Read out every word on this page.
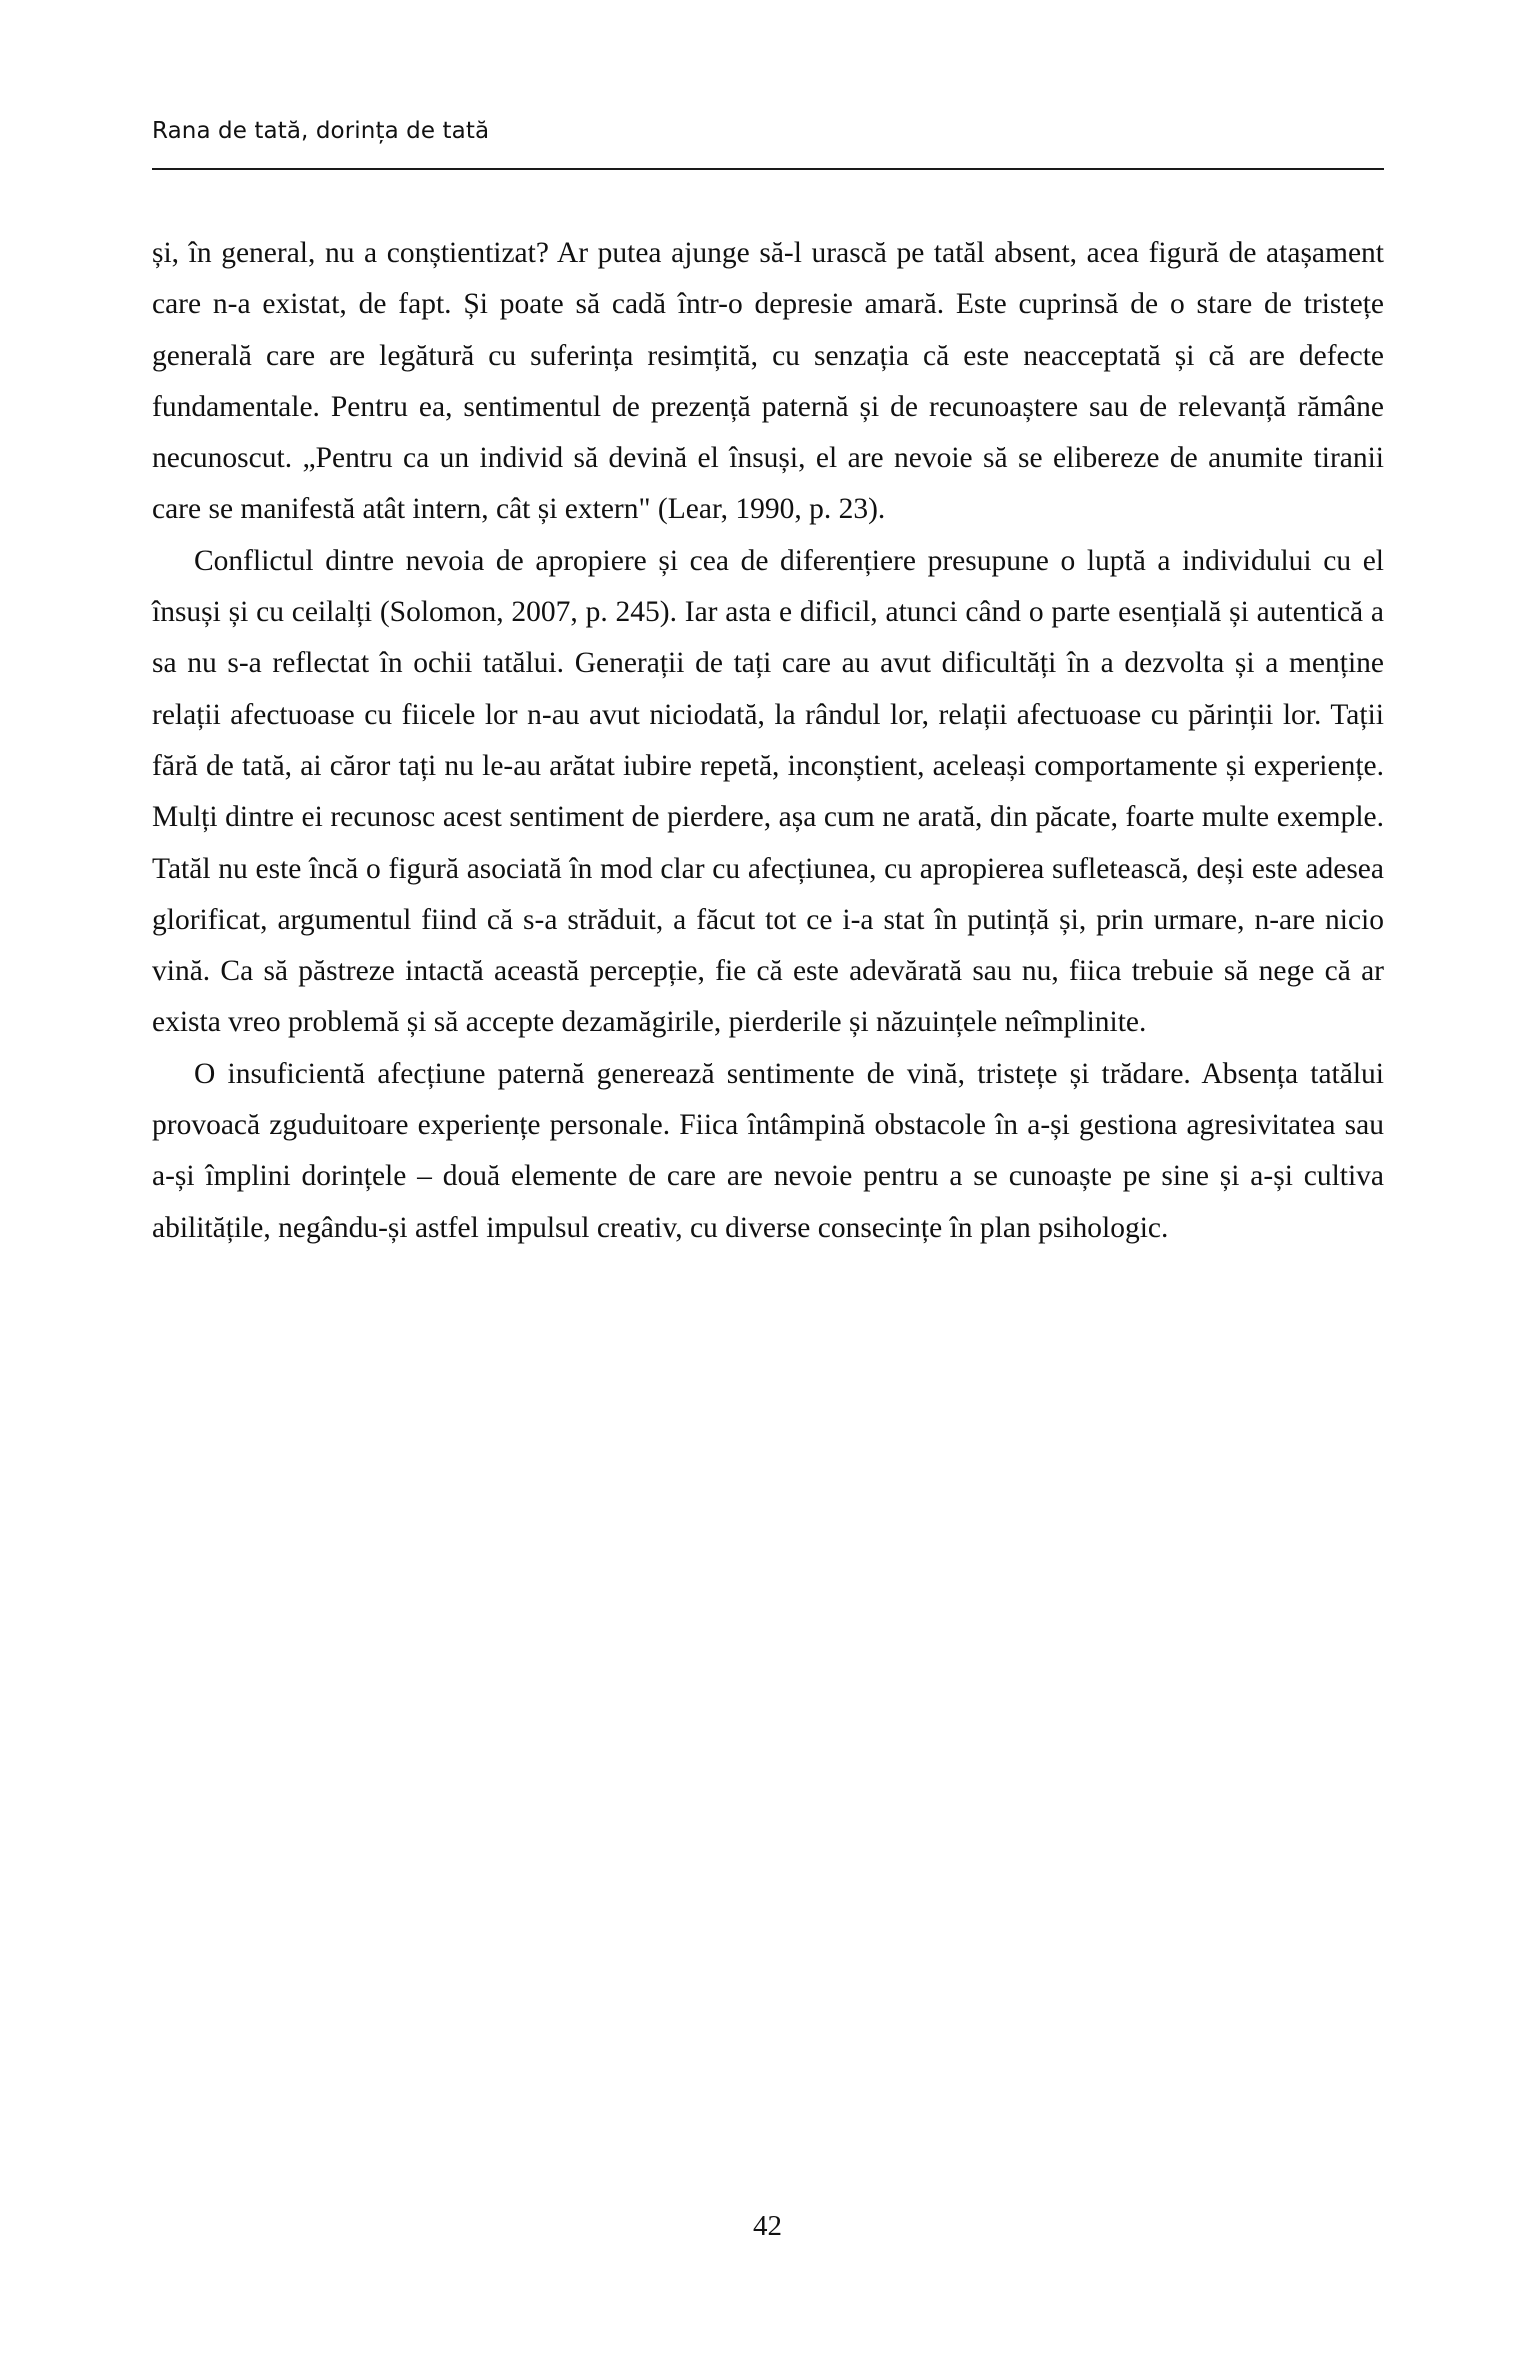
Rana de tată, dorința de tată

și, în general, nu a conștientizat? Ar putea ajunge să-l urască pe tatăl absent, acea figură de atașament care n-a existat, de fapt. Și poate să cadă într-o depresie amară. Este cuprinsă de o stare de tristețe generală care are legătură cu suferința resimțită, cu senzația că este neacceptată și că are defecte fundamentale. Pentru ea, sentimentul de prezență paternă și de recunoaștere sau de relevanță rămâne necunoscut. „Pentru ca un individ să devină el însuși, el are nevoie să se elibereze de anumite tiranii care se manifestă atât intern, cât și extern" (Lear, 1990, p. 23).

Conflictul dintre nevoia de apropiere și cea de diferențiere presupune o luptă a individului cu el însuși și cu ceilalți (Solomon, 2007, p. 245). Iar asta e dificil, atunci când o parte esențială și autentică a sa nu s-a reflectat în ochii tatălui. Generații de tați care au avut dificultăți în a dezvolta și a menține relații afectuoase cu fiicele lor n-au avut niciodată, la rândul lor, relații afectuoase cu părinții lor. Tații fără de tată, ai căror tați nu le-au arătat iubire repetă, inconștient, aceleași comportamente și experiențe. Mulți dintre ei recunosc acest sentiment de pierdere, așa cum ne arată, din păcate, foarte multe exemple. Tatăl nu este încă o figură asociată în mod clar cu afecțiunea, cu apropierea sufletească, deși este adesea glorificat, argumentul fiind că s-a străduit, a făcut tot ce i-a stat în putință și, prin urmare, n-are nicio vină. Ca să păstreze intactă această percepție, fie că este adevărată sau nu, fiica trebuie să nege că ar exista vreo problemă și să accepte dezamăgirile, pierderile și năzuințele neîmplinite.

O insuficientă afecțiune paternă generează sentimente de vină, tristețe și trădare. Absența tatălui provoacă zguduitoare experiențe personale. Fiica întâmpină obstacole în a-și gestiona agresivitatea sau a-și împlini dorințele – două elemente de care are nevoie pentru a se cunoaște pe sine și a-și cultiva abilitățile, negându-și astfel impulsul creativ, cu diverse consecințe în plan psihologic.

42
